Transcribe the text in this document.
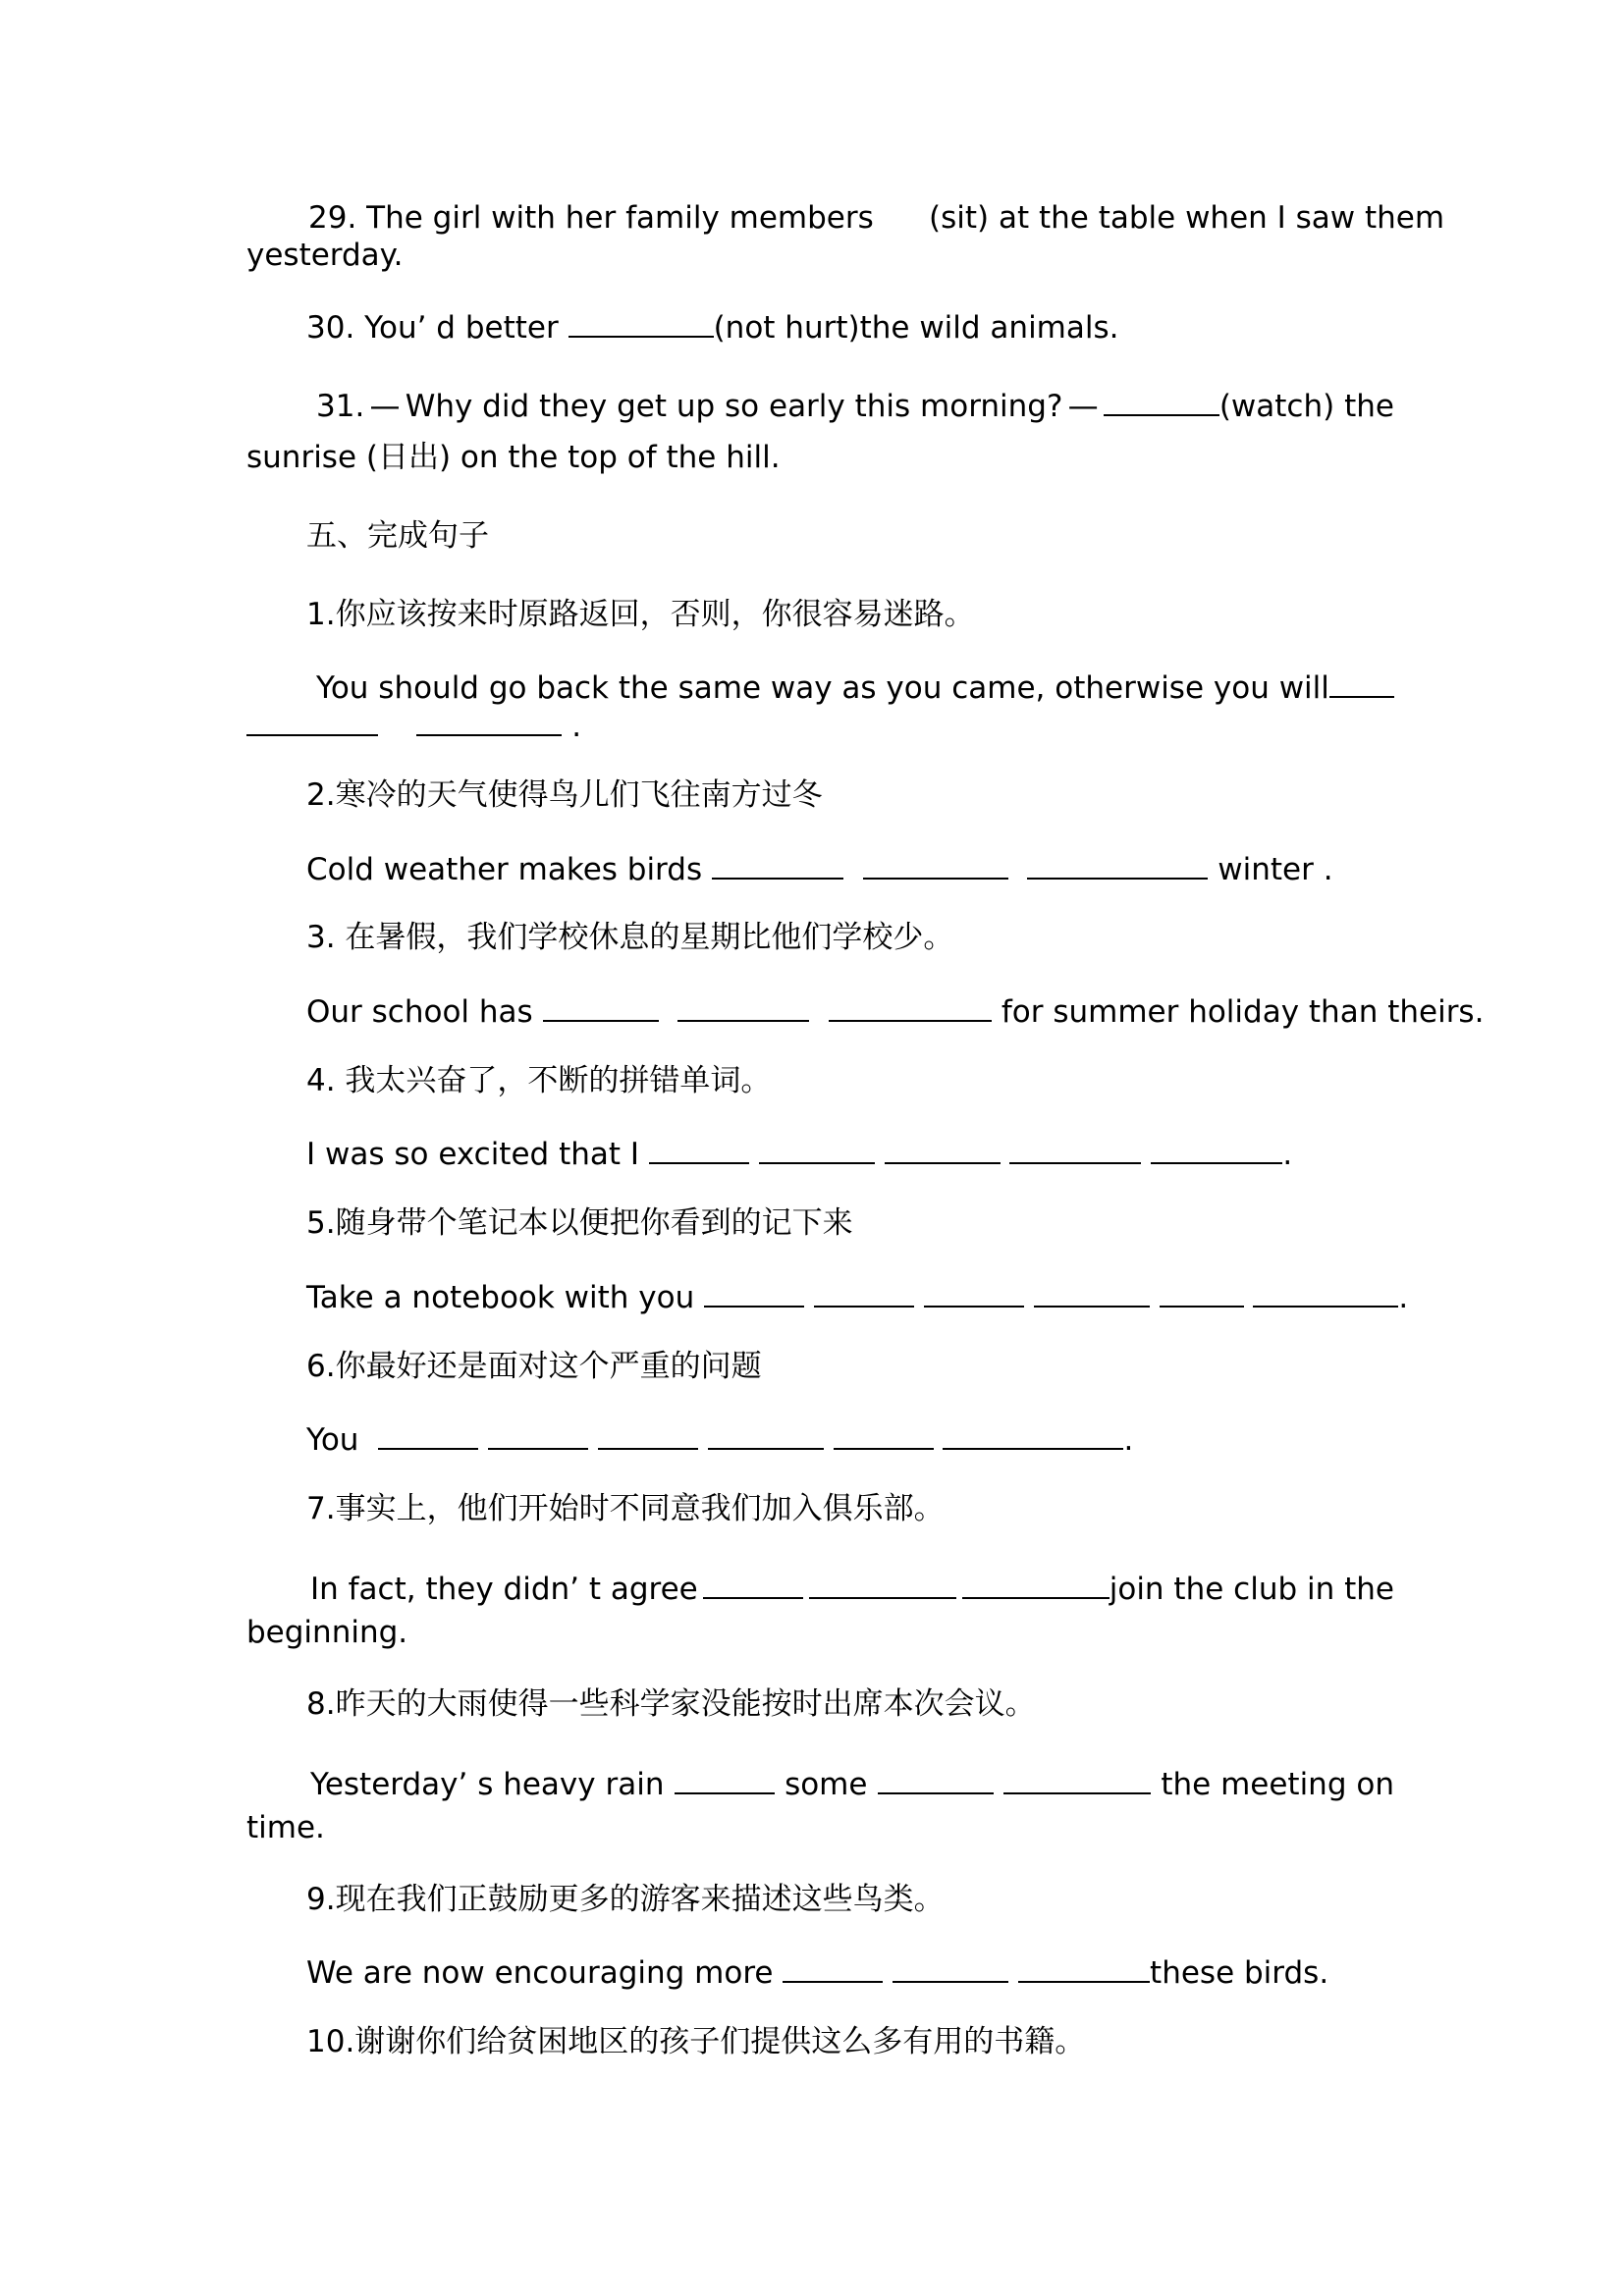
29. The girl with her family members (sit) at the table when I saw them
yesterday.
30. You’ d better	(not hurt)the wild animals.
31. — Why did they get up so early this morning? —	(watch) the
sunrise (日出) on the top of the hill.
五、完成句子
1.你应该按来时原路返回，否则，你很容易迷路。
You should go back the same way as you came, otherwise you will
.
2.寒冷的天气使得鸟儿们飞往南方过冬
Cold weather makes birds	winter .
3. 在暑假，我们学校休息的星期比他们学校少。
Our school has	for summer holiday than theirs.
4. 我太兴奋了，不断的拼错单词。
I was so excited that I	.
5.随身带个笔记本以便把你看到的记下来
Take a notebook with you	.
6.你最好还是面对这个严重的问题
You	.
7.事实上，他们开始时不同意我们加入俱乐部。
In fact, they didn’ t agree	join the club in the
beginning.
8.昨天的大雨使得一些科学家没能按时出席本次会议。
Yesterday’ s heavy rain	some	the meeting on
time.
9.现在我们正鼓励更多的游客来描述这些鸟类。
We are now encouraging more	these birds.
10.谢谢你们给贫困地区的孩子们提供这么多有用的书籍。
